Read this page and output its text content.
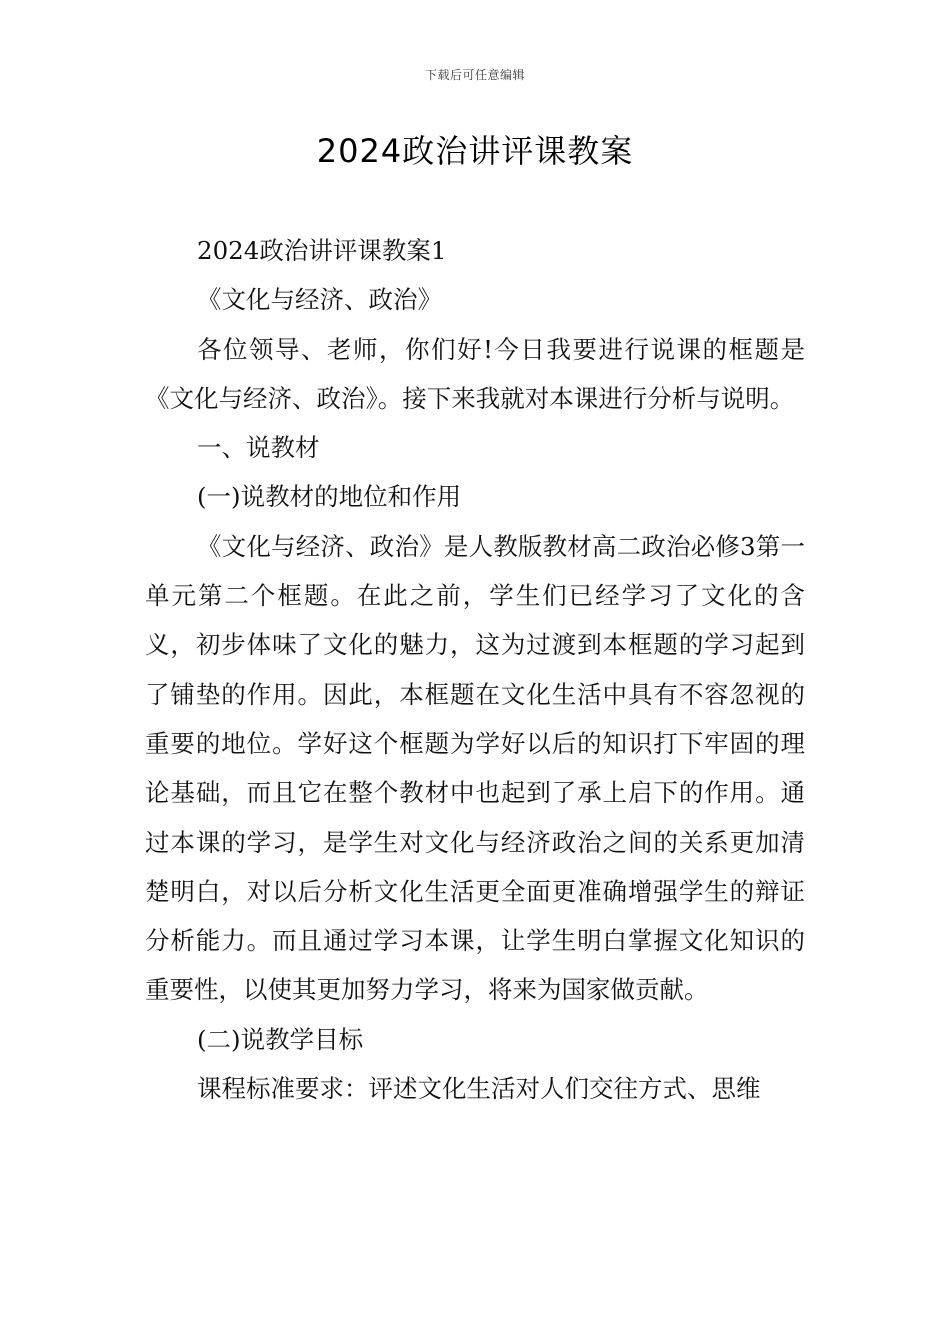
下载后可任意编辑
2024政治讲评课教案

2024政治讲评课教案1

《文化与经济、政治》

各位领导、老师，你们好!今日我要进行说课的框题是《文化与经济、政治》。接下来我就对本课进行分析与说明。

一、说教材

(一)说教材的地位和作用

《文化与经济、政治》是人教版教材高二政治必修3第一单元第二个框题。在此之前，学生们已经学习了文化的含义，初步体味了文化的魅力，这为过渡到本框题的学习起到了铺垫的作用。因此，本框题在文化生活中具有不容忽视的重要的地位。学好这个框题为学好以后的知识打下牢固的理论基础，而且它在整个教材中也起到了承上启下的作用。通过本课的学习，是学生对文化与经济政治之间的关系更加清楚明白，对以后分析文化生活更全面更准确增强学生的辩证分析能力。而且通过学习本课，让学生明白掌握文化知识的重要性，以使其更加努力学习，将来为国家做贡献。

(二)说教学目标

课程标准要求：评述文化生活对人们交往方式、思维
